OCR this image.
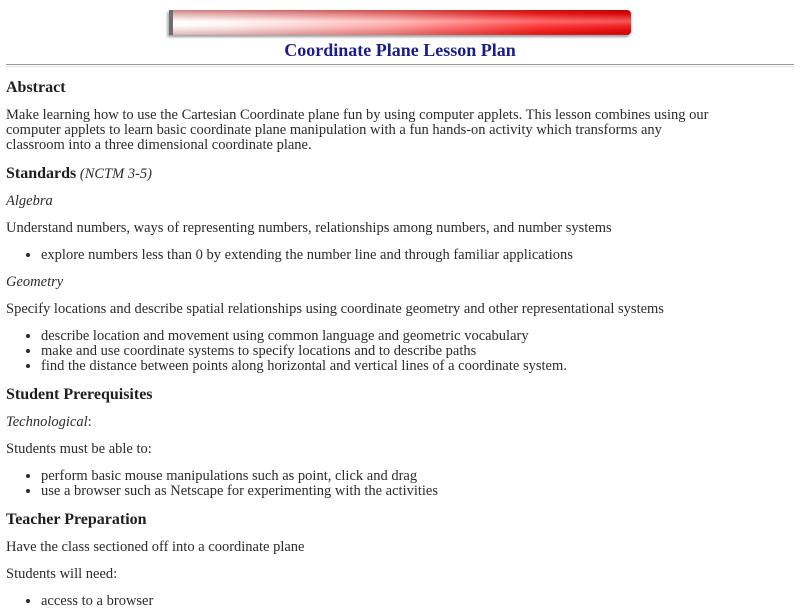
Coordinate Plane Lesson Plan

Abstract

Make learning how to use the Cartesian Coordinate plane fun by using computer applets. This lesson combines using our
computer applets to learn basic coordinate plane manipulation with a fun hands-on activity which transforms any
classroom into a three dimensional coordinate plane.

Standards (NCTM 3-5)

Algebra

Understand numbers, ways of representing numbers, relationships among numbers, and number systems

• explore numbers less than 0 by extending the number line and through familiar applications

Geometry

Specify locations and describe spatial relationships using coordinate geometry and other representational systems

• describe location and movement using common language and geometric vocabulary
• make and use coordinate systems to specify locations and to describe paths
• find the distance between points along horizontal and vertical lines of a coordinate system.

Student Prerequisites

Technological:

Students must be able to:

• perform basic mouse manipulations such as point, click and drag
• use a browser such as Netscape for experimenting with the activities

Teacher Preparation

Have the class sectioned off into a coordinate plane

Students will need:

• access to a browser
